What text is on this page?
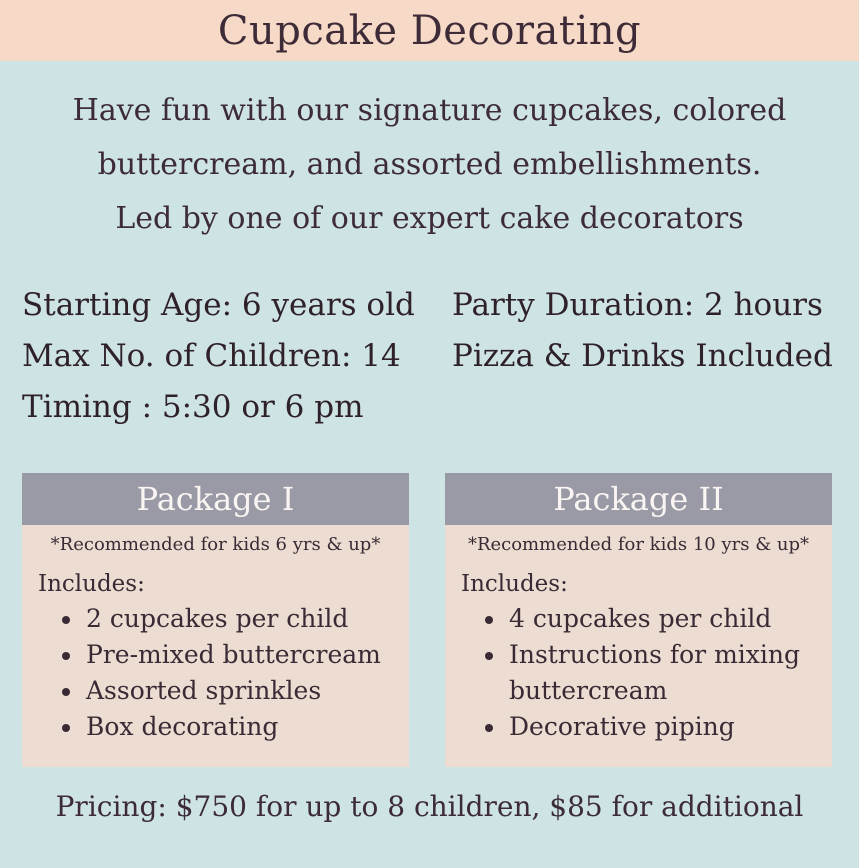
Cupcake Decorating
Have fun with our signature cupcakes, colored
buttercream, and assorted embellishments.
Led by one of our expert cake decorators
Starting Age: 6 years old
Max No. of Children: 14
Timing : 5:30 or 6 pm
Party Duration: 2 hours
Pizza & Drinks Included
Package I
*Recommended for kids 6 yrs & up*
Includes:
• 2 cupcakes per child
• Pre-mixed buttercream
• Assorted sprinkles
• Box decorating
Package II
*Recommended for kids 10 yrs & up*
Includes:
• 4 cupcakes per child
• Instructions for mixing buttercream
• Decorative piping
Pricing: $750 for up to 8 children, $85 for additional
